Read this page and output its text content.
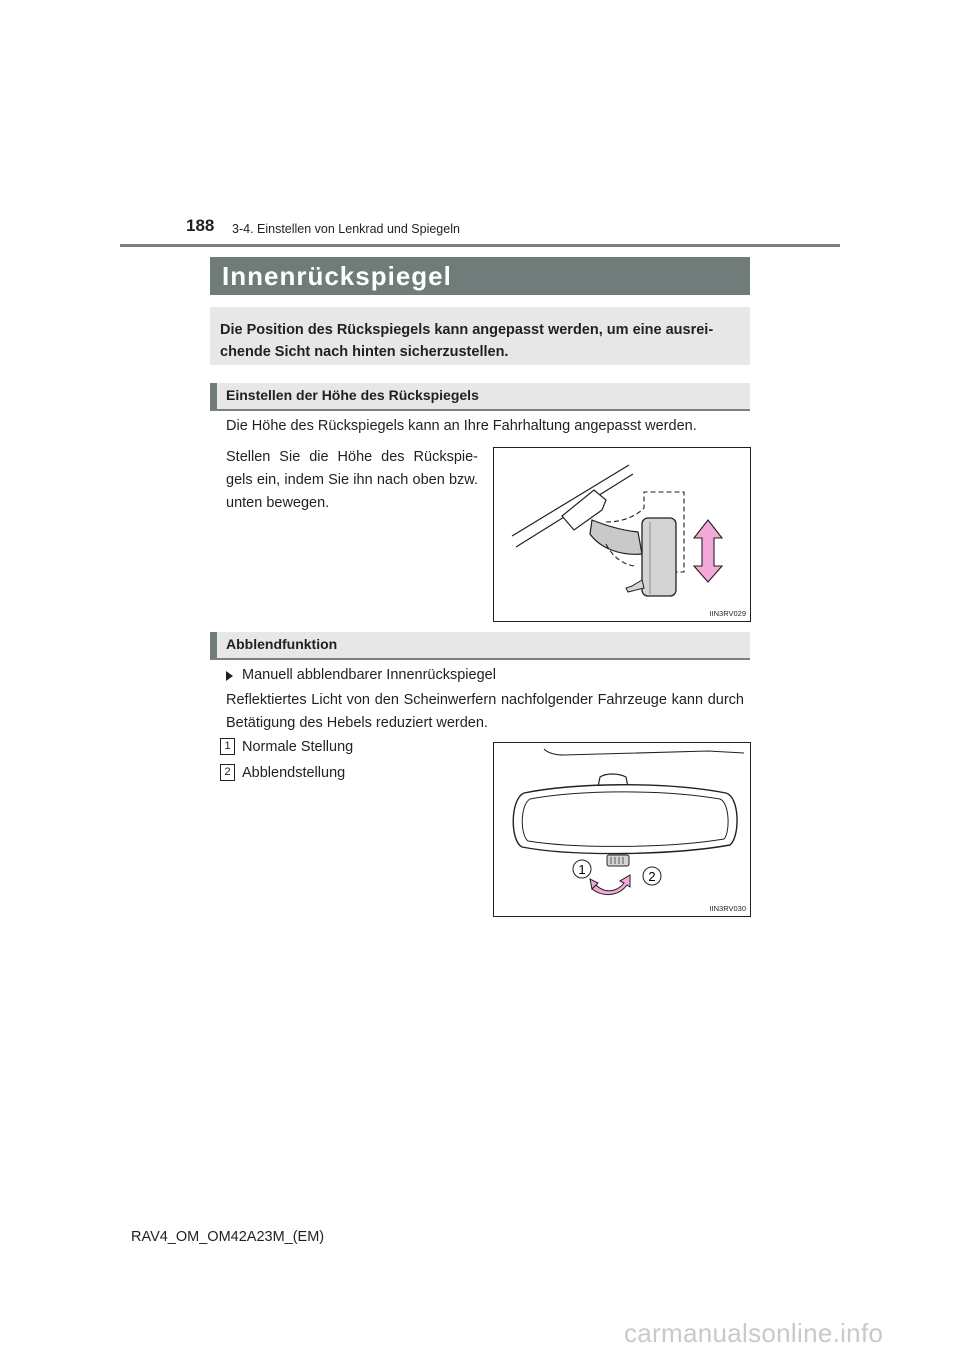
188 3-4. Einstellen von Lenkrad und Spiegeln
Innenrückspiegel

Die Position des Rückspiegels kann angepasst werden, um eine ausrei-chende Sicht nach hinten sicherzustellen.

Einstellen der Höhe des Rückspiegels
Die Höhe des Rückspiegels kann an Ihre Fahrhaltung angepasst werden.
Stellen Sie die Höhe des Rückspie-gels ein, indem Sie ihn nach oben bzw. unten bewegen.
IIN3RV029
Abblendfunktion
Manuell abblendbarer Innenrückspiegel
Reflektiertes Licht von den Scheinwerfern nachfolgender Fahrzeuge kann durch Betätigung des Hebels reduziert werden.
1 Normale Stellung
2 Abblendstellung
1	2
IIN3RV030
RAV4_OM_OM42A23M_(EM)
carmanualsonline.info
